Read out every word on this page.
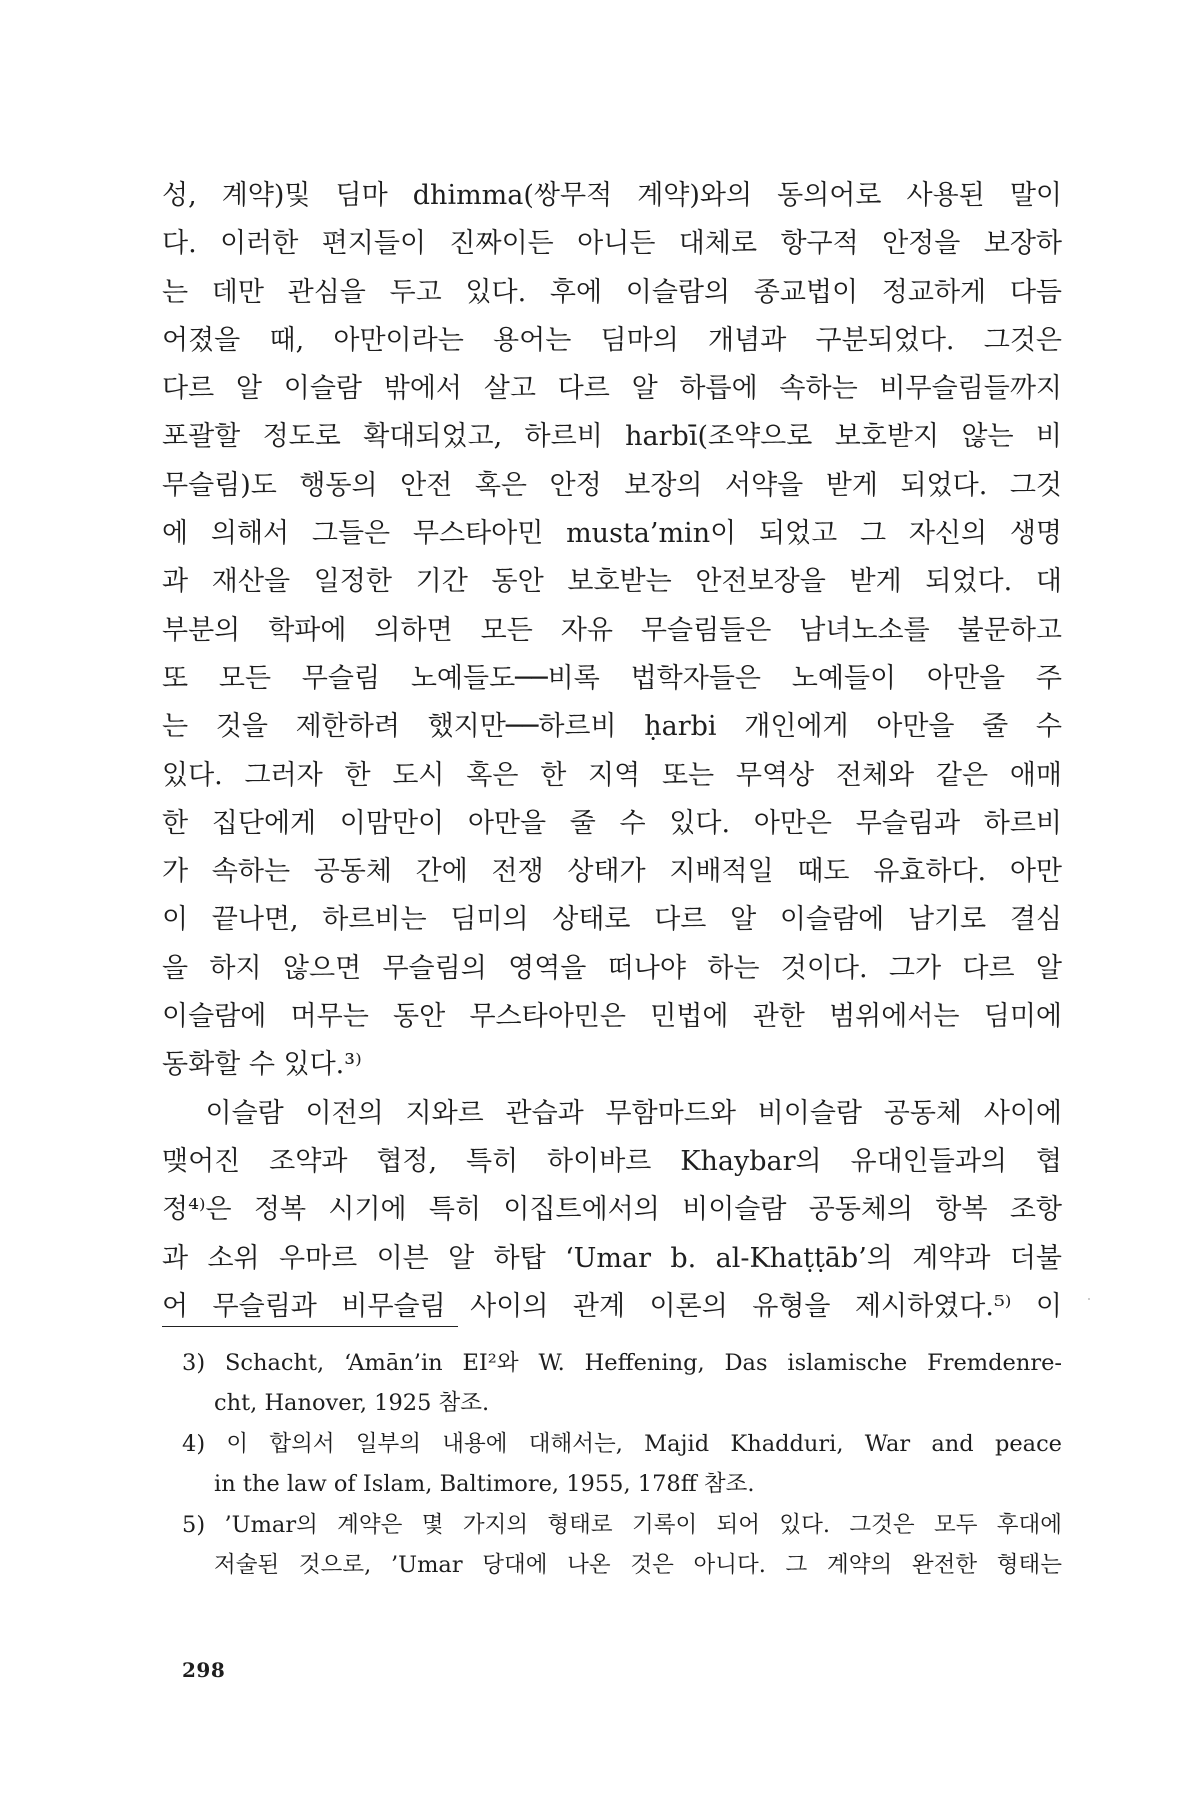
성, 계약)및 딤마 dhimma(쌍무적 계약)와의 동의어로 사용된 말이
다. 이러한 편지들이 진짜이든 아니든 대체로 항구적 안정을 보장하
는 데만 관심을 두고 있다. 후에 이슬람의 종교법이 정교하게 다듬
어졌을 때, 아만이라는 용어는 딤마의 개념과 구분되었다. 그것은
다르 알 이슬람 밖에서 살고 다르 알 하릅에 속하는 비무슬림들까지
포괄할 정도로 확대되었고, 하르비 harbī(조약으로 보호받지 않는 비
무슬림)도 행동의 안전 혹은 안정 보장의 서약을 받게 되었다. 그것
에 의해서 그들은 무스타아민 musta’min이 되었고 그 자신의 생명
과 재산을 일정한 기간 동안 보호받는 안전보장을 받게 되었다. 대
부분의 학파에 의하면 모든 자유 무슬림들은 남녀노소를 불문하고
또 모든 무슬림 노예들도──비록 법학자들은 노예들이 아만을 주
는 것을 제한하려 했지만──하르비 ḥarbi 개인에게 아만을 줄 수
있다. 그러자 한 도시 혹은 한 지역 또는 무역상 전체와 같은 애매
한 집단에게 이맘만이 아만을 줄 수 있다. 아만은 무슬림과 하르비
가 속하는 공동체 간에 전쟁 상태가 지배적일 때도 유효하다. 아만
이 끝나면, 하르비는 딤미의 상태로 다르 알 이슬람에 남기로 결심
을 하지 않으면 무슬림의 영역을 떠나야 하는 것이다. 그가 다르 알
이슬람에 머무는 동안 무스타아민은 민법에 관한 범위에서는 딤미에
동화할 수 있다.³⁾
이슬람 이전의 지와르 관습과 무함마드와 비이슬람 공동체 사이에
맺어진 조약과 협정, 특히 하이바르 Khaybar의 유대인들과의 협
정⁴⁾은 정복 시기에 특히 이집트에서의 비이슬람 공동체의 항복 조항
과 소위 우마르 이븐 알 하탑 ‘Umar b. al-Khaṭṭāb’의 계약과 더불
어 무슬림과 비무슬림 사이의 관계 이론의 유형을 제시하였다.⁵⁾ 이
3) Schacht, ‘Amān’in EI²와 W. Heffening, Das islamische Fremdenre-
cht, Hanover, 1925 참조.
4) 이 합의서 일부의 내용에 대해서는, Majid Khadduri, War and peace
in the law of Islam, Baltimore, 1955, 178ff 참조.
5) ’Umar의 계약은 몇 가지의 형태로 기록이 되어 있다. 그것은 모두 후대에
저술된 것으로, ’Umar 당대에 나온 것은 아니다. 그 계약의 완전한 형태는
298
